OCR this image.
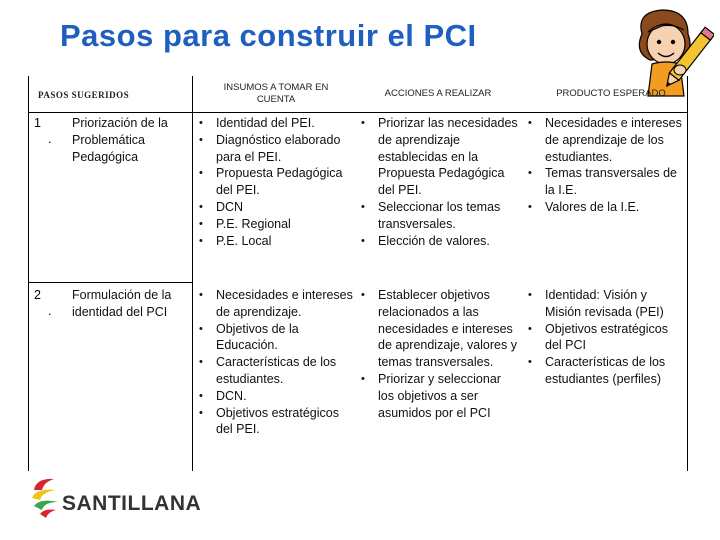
Pasos para construir el PCI
PASOS SUGERIDOS
INSUMOS A TOMAR EN CUENTA
ACCIONES A REALIZAR	PRODUCTO ESPERADO
1
.
Priorización de la Problemática Pedagógica
• Identidad del PEI.
• Diagnóstico elaborado para el PEI.
• Propuesta Pedagógica del PEI.
• DCN
• P.E. Regional
• P.E. Local
• Priorizar las necesidades de aprendizaje establecidas en la Propuesta Pedagógica del PEI.
• Seleccionar los temas transversales.
• Elección de valores.
• Necesidades e intereses de aprendizaje de los estudiantes.
• Temas transversales de la I.E.
• Valores de la I.E.
2
.
Formulación de la identidad del PCI
• Necesidades e intereses de aprendizaje.
• Objetivos de la Educación.
• Características de los estudiantes.
• DCN.
• Objetivos estratégicos del PEI.
• Establecer objetivos relacionados a las necesidades e intereses de aprendizaje, valores y temas transversales.
• Priorizar y seleccionar los objetivos a ser asumidos por el PCI
• Identidad: Visión y Misión revisada (PEI)
• Objetivos estratégicos del PCI
• Características de los estudiantes (perfiles)
SANTILLANA
